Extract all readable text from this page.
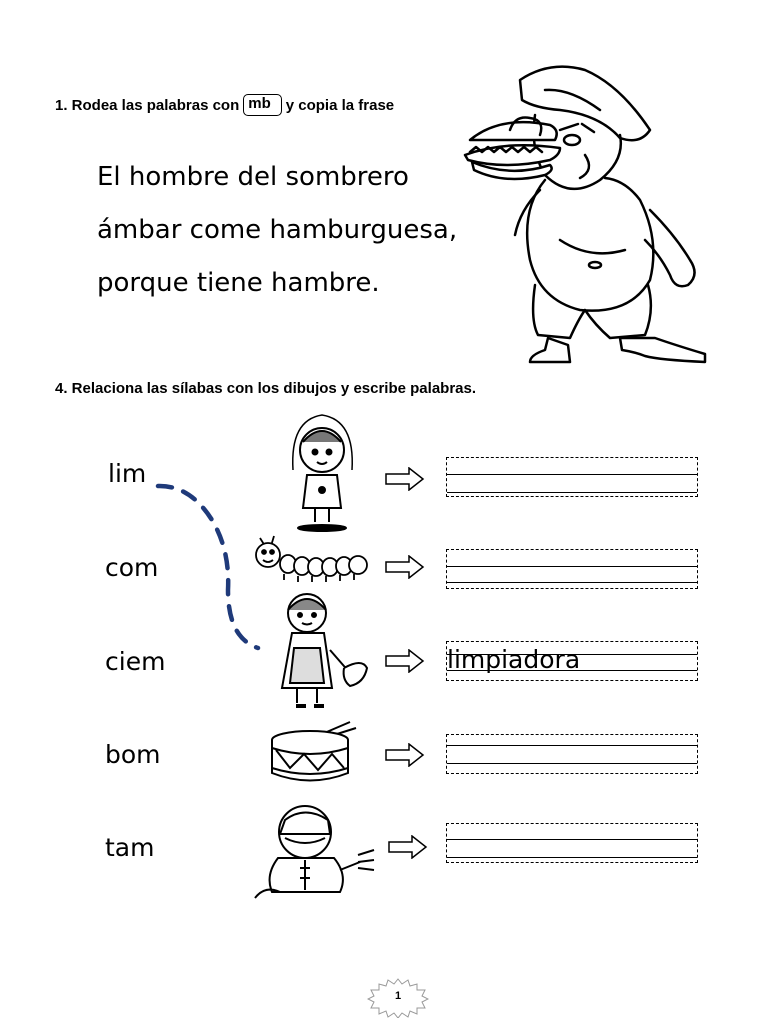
1. Rodea las palabras con mb	y copia la frase
El hombre del sombrero
ámbar come hamburguesa,
porque tiene hambre.
4. Relaciona las sílabas con los dibujos y escribe palabras.
lim
com
ciem
bom
tam
limpiadora
1
